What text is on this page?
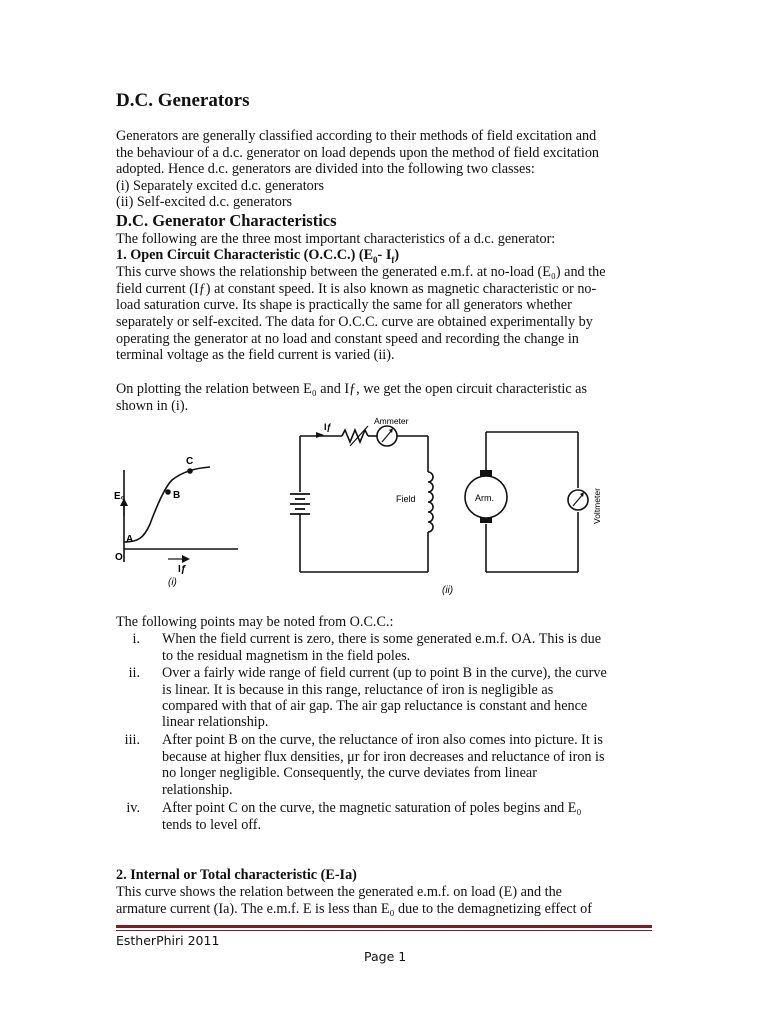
D.C. Generators
Generators are generally classified according to their methods of field excitation and
the behaviour of a d.c. generator on load depends upon the method of field excitation
adopted. Hence d.c. generators are divided into the following two classes:
(i) Separately excited d.c. generators
(ii) Self-excited d.c. generators
D.C. Generator Characteristics
The following are the three most important characteristics of a d.c. generator:
1. Open Circuit Characteristic (O.C.C.) ($E_0-$ $I_f$)
This curve shows the relationship between the generated e.m.f. at no-load (E₀) and the
field current (Iƒ) at constant speed. It is also known as magnetic characteristic or no-
load saturation curve. Its shape is practically the same for all generators whether
separately or self-excited. The data for O.C.C. curve are obtained experimentally by
operating the generator at no load and constant speed and recording the change in
terminal voltage as the field current is varied (ii).
On plotting the relation between E₀ and Iƒ, we get the open circuit characteristic as
shown in (i).
E₀
Iƒ
A
B
C
O
(i)
Ammeter
Iƒ
Field	Arm.	Voltmeter
(ii)
The following points may be noted from O.C.C.:
i. When the field current is zero, there is some generated e.m.f. OA. This is due
to the residual magnetism in the field poles.
ii. Over a fairly wide range of field current (up to point B in the curve), the curve
is linear. It is because in this range, reluctance of iron is negligible as
compared with that of air gap. The air gap reluctance is constant and hence
linear relationship.
iii. After point B on the curve, the reluctance of iron also comes into picture. It is
because at higher flux densities, μr for iron decreases and reluctance of iron is
no longer negligible. Consequently, the curve deviates from linear
relationship.
iv. After point C on the curve, the magnetic saturation of poles begins and E₀
tends to level off.
2. Internal or Total characteristic (E-Ia)
This curve shows the relation between the generated e.m.f. on load (E) and the
armature current (Ia). The e.m.f. E is less than E₀ due to the demagnetizing effect of
EstherPhiri 2011
Page 1
